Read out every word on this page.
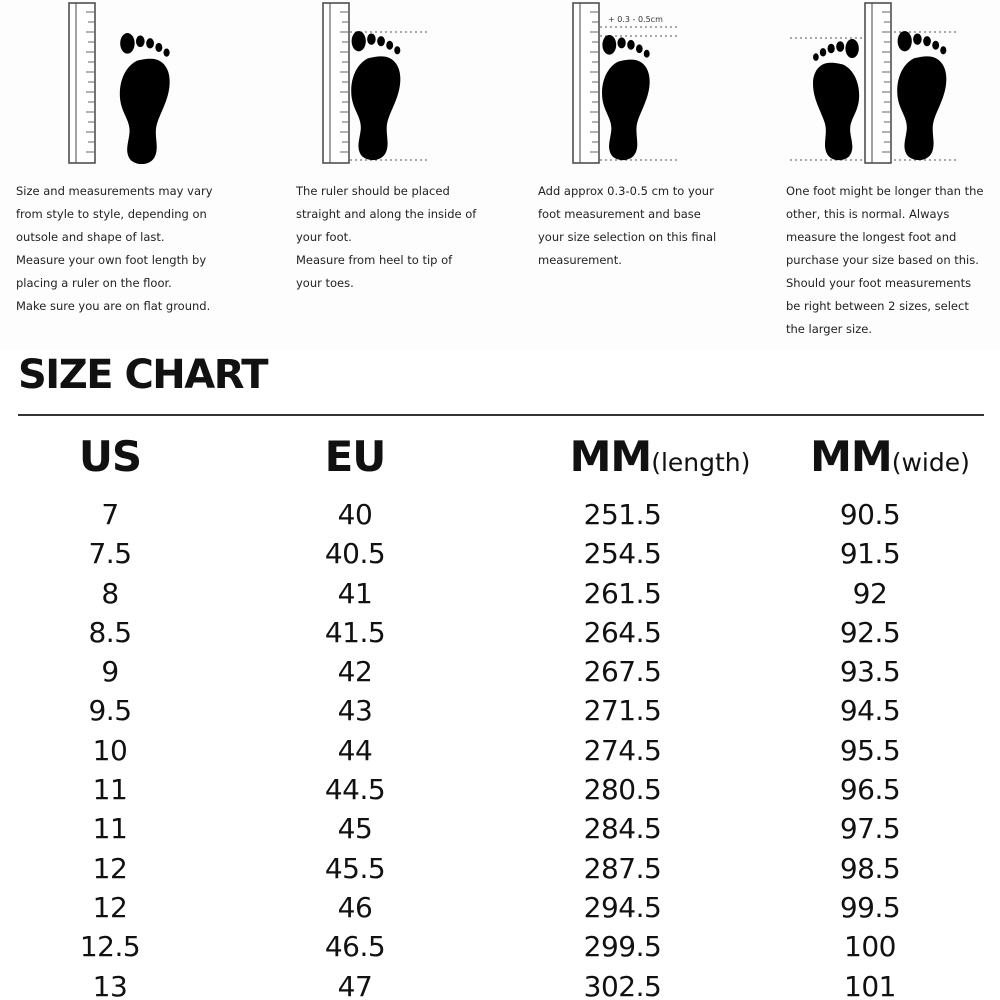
Size and measurements may vary
from style to style, depending on
outsole and shape of last.
Measure your own foot length by
placing a ruler on the floor.
Make sure you are on flat ground.
The ruler should be placed
straight and along the inside of
your foot.
Measure from heel to tip of
your toes.
+ 0.3 - 0.5cm
Add approx 0.3-0.5 cm to your
foot measurement and base
your size selection on this final
measurement.
One foot might be longer than the
other, this is normal. Always
measure the longest foot and
purchase your size based on this.
Should your foot measurements
be right between 2 sizes, select
the larger size.
SIZE CHART
US	EU	MM(length)	MM(wide)
7	40	251.5	90.5
7.5	40.5	254.5	91.5
8	41	261.5	92
8.5	41.5	264.5	92.5
9	42	267.5	93.5
9.5	43	271.5	94.5
10	44	274.5	95.5
11	44.5	280.5	96.5
11	45	284.5	97.5
12	45.5	287.5	98.5
12	46	294.5	99.5
12.5	46.5	299.5	100
13	47	302.5	101
